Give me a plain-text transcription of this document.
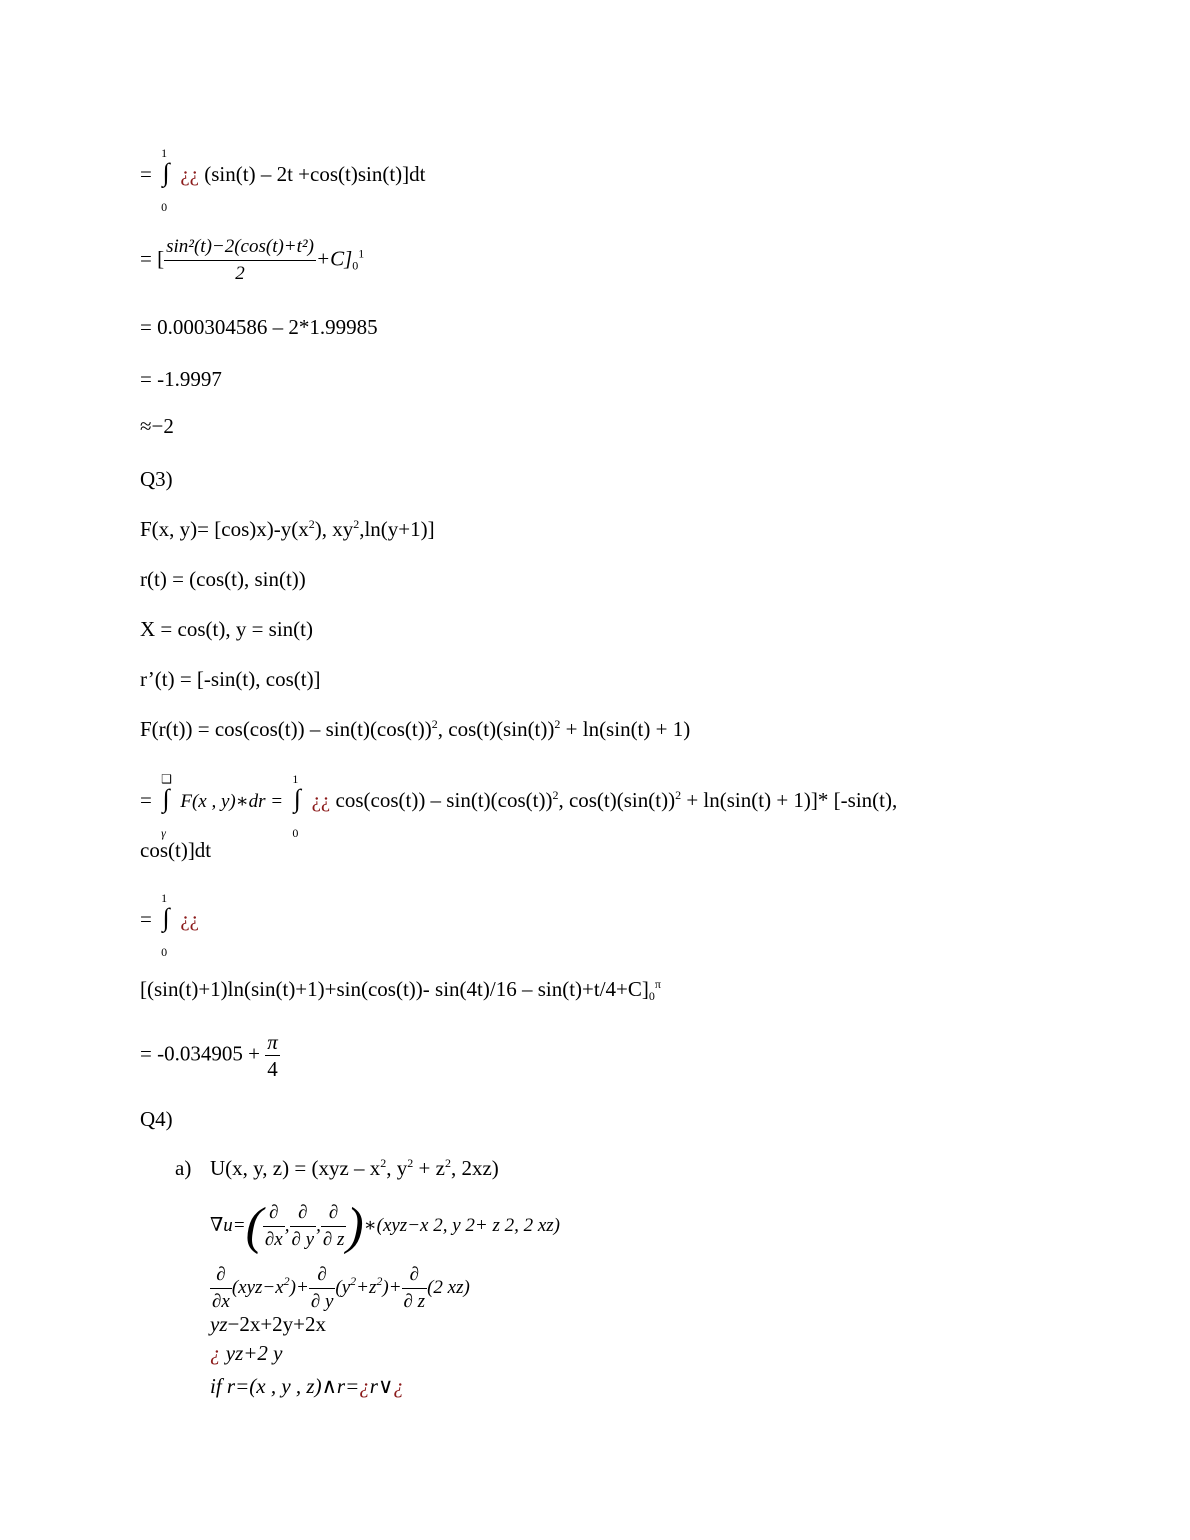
= ∫
1
0
¿¿ (sin(t) – 2t +cos(t)sin(t)]dt
= [ $\frac{\text{sin²(t)−2(cos(t)+t²)}}{2} +C]_0^1$
= 0.000304586 – 2*1.99985
= -1.9997
≈−2
Q3)
F(x, $y)= [\cos)x)-y(x^2)$, $xy^2,\ln(y+1)$]
r(t) = (cos(t), sin(t))
X = cos(t), y = sin(t)
r’(t) = [-sin(t), cos(t)]
$F(r(t)) = \cos(\cos(t)) - \sin(t)(\cos(t))^2$, $\cos(t)(\sin(t))^2 + \ln(\sin(t) + 1)$
= ∫
❑
γ
F(x , y)∗dr = ∫
1
0
¿¿ $\cos(\cos(t)) - \sin(t)(\cos(t))^2$, $\cos(t)(\sin(t))^2 + \ln(\sin(t) + 1)]*$ [-sin(t),
cos(t)]dt
= ∫
1
0
¿¿
[(sin(t)+1)ln(sin(t)+1)+sin(cos(t))- $\sin(4t)/16 - \sin(t)+t/4+C]_0^\pi$
= $-0.034905 + \frac{\pi}{4}$
Q4)
a) U(x, y, $z) = (xyz - x^2$, $y^2 + z^2$, 2xz)
$\nabla u=( \frac{\partial}{\partial x}$ , $\frac{\partial}{\partial y}$ , $\frac{\partial}{\partial z}$ )∗(xyz−x 2, y 2+ z 2, 2 xz)
$\frac{\partial}{\partial x} (xyz-x^2)+ \frac{\partial}{\partial y} (y^2+z^2)+ \frac{\partial}{\partial z} (2$ xz)
yz−2x+2y+2x
¿ yz+2 y
if r=(x , y , z)∧r=¿r∨¿
